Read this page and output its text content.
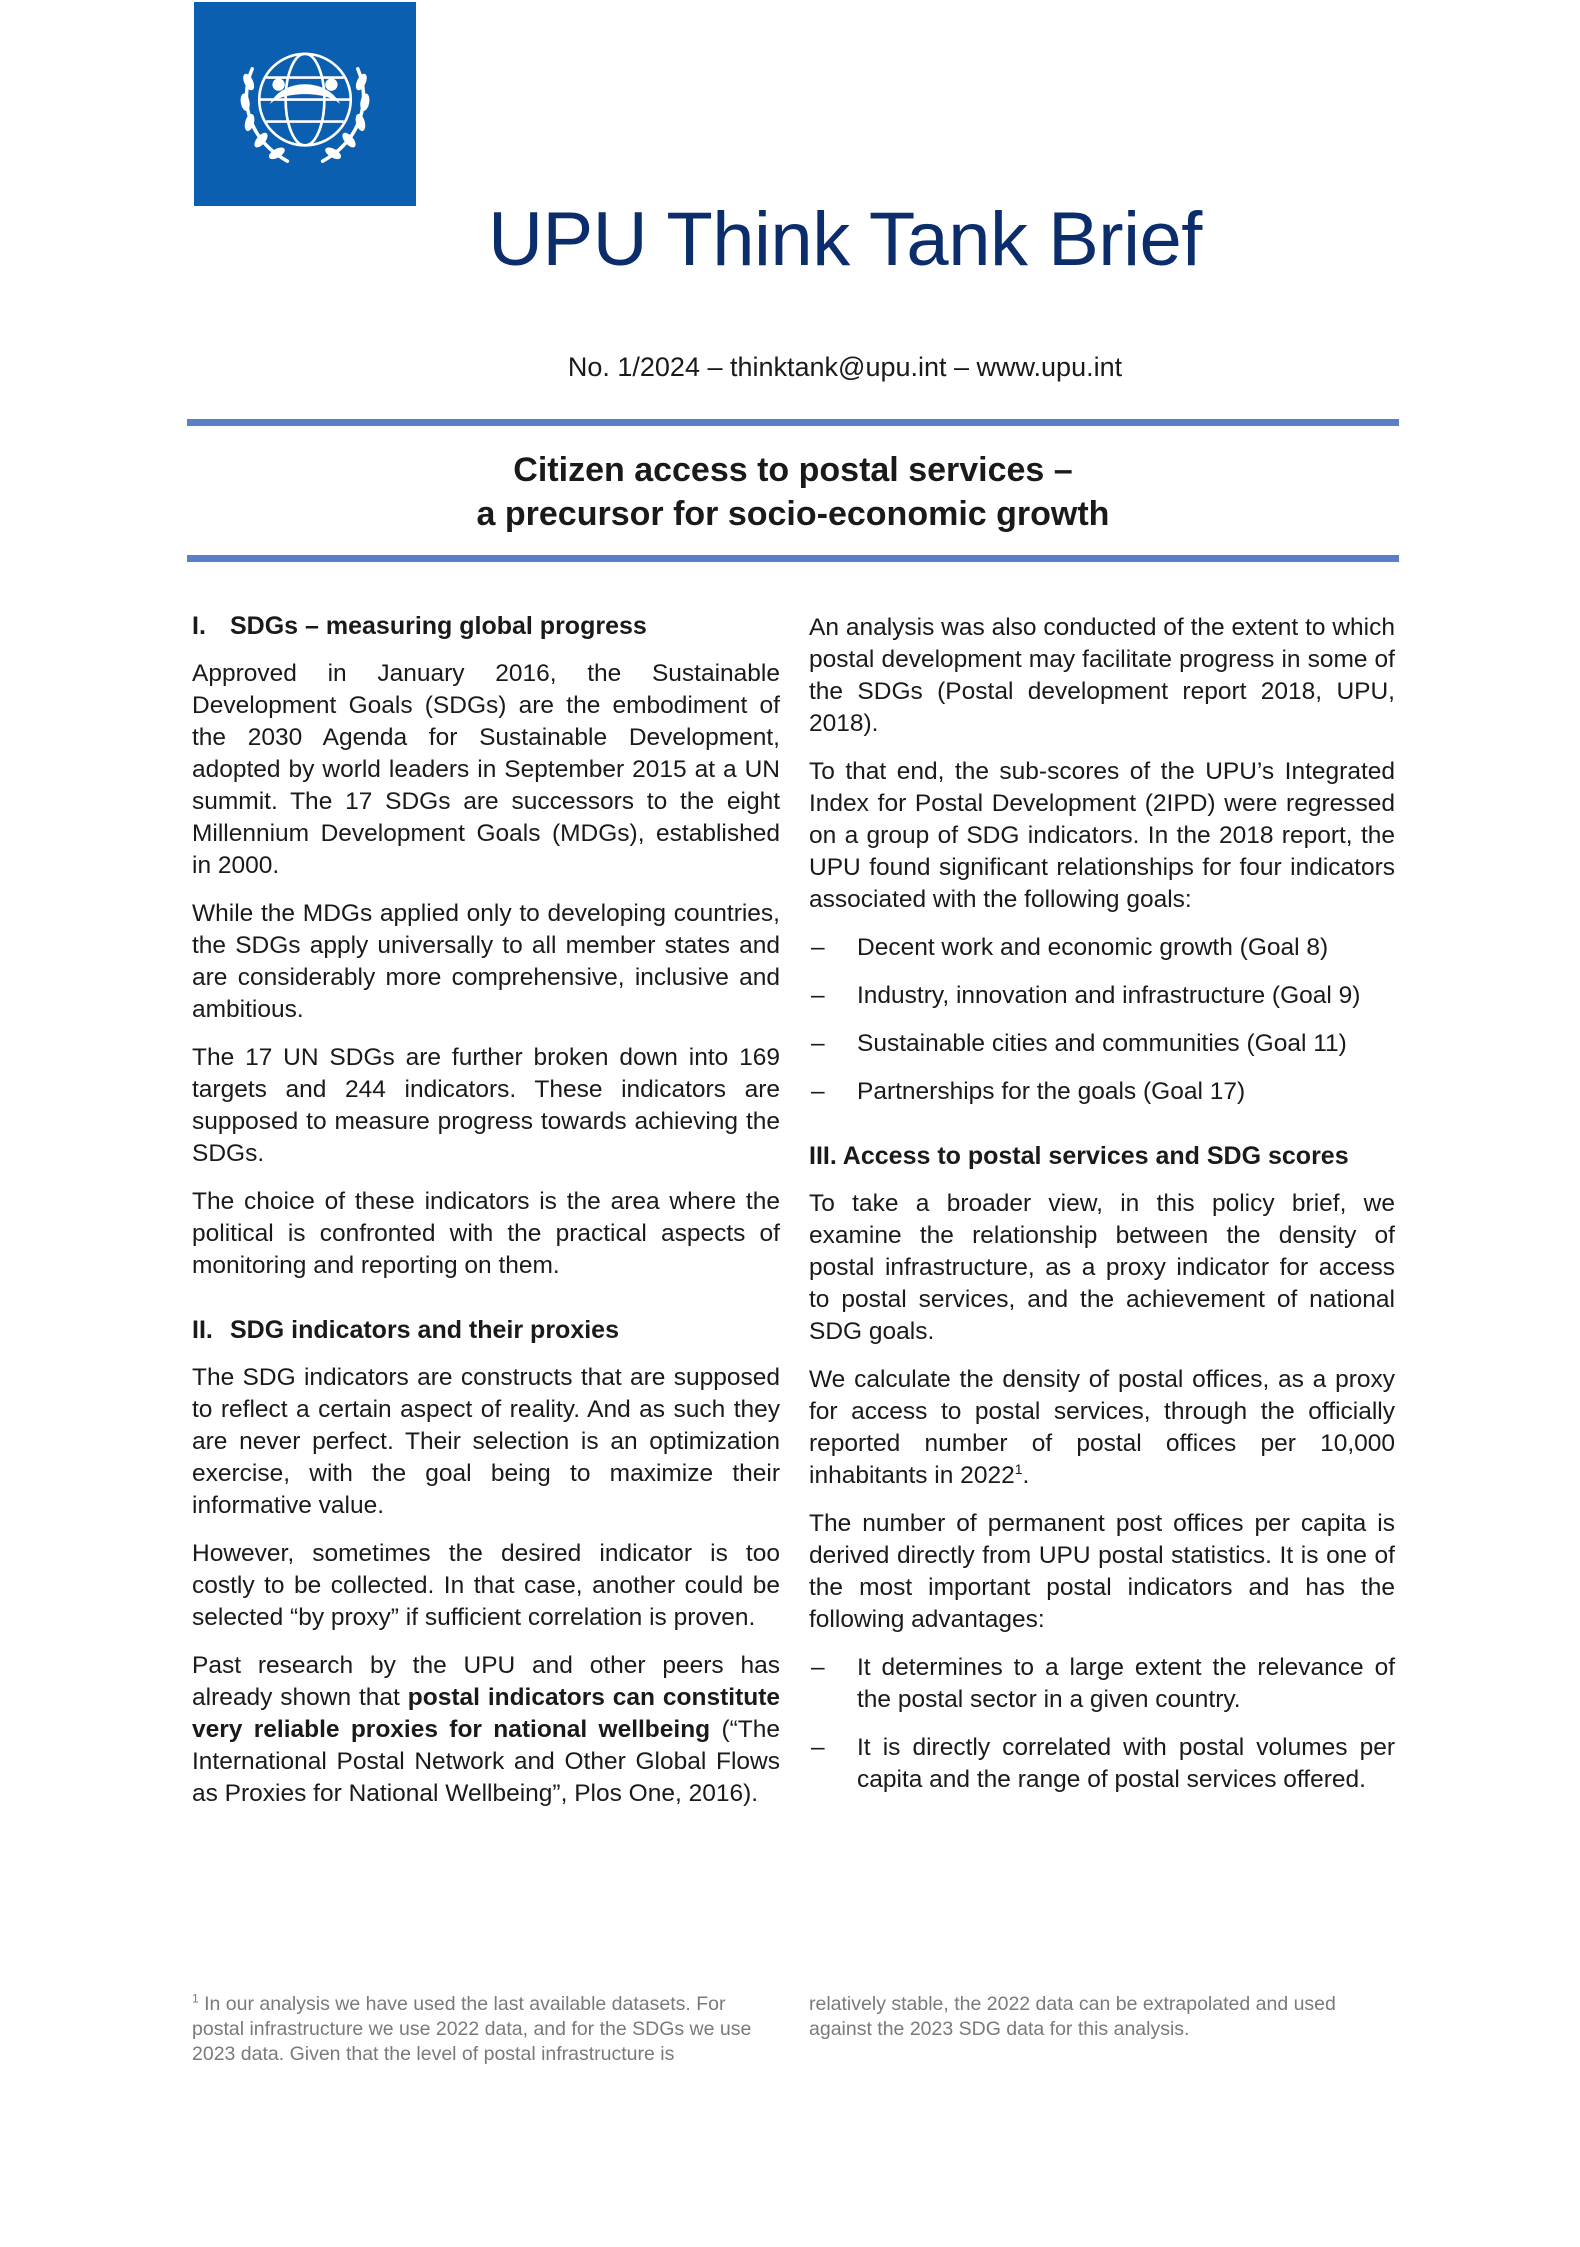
UPU Think Tank Brief
No. 1/2024 – thinktank@upu.int – www.upu.int
Citizen access to postal services –
a precursor for socio-economic growth
I. SDGs – measuring global progress

Approved in January 2016, the Sustainable Development Goals (SDGs) are the embodiment of the 2030 Agenda for Sustainable Development, adopted by world leaders in September 2015 at a UN summit. The 17 SDGs are successors to the eight Millennium Development Goals (MDGs), established in 2000.

While the MDGs applied only to developing countries, the SDGs apply universally to all member states and are considerably more comprehensive, inclusive and ambitious.

The 17 UN SDGs are further broken down into 169 targets and 244 indicators. These indicators are supposed to measure progress towards achieving the SDGs.

The choice of these indicators is the area where the political is confronted with the practical aspects of monitoring and reporting on them.

II. SDG indicators and their proxies

The SDG indicators are constructs that are supposed to reflect a certain aspect of reality. And as such they are never perfect. Their selection is an optimization exercise, with the goal being to maximize their informative value.

However, sometimes the desired indicator is too costly to be collected. In that case, another could be selected “by proxy” if sufficient correlation is proven.

Past research by the UPU and other peers has already shown that postal indicators can constitute very reliable proxies for national wellbeing (“The International Postal Network and Other Global Flows as Proxies for National Wellbeing”, Plos One, 2016).

An analysis was also conducted of the extent to which postal development may facilitate progress in some of the SDGs (Postal development report 2018, UPU, 2018).

To that end, the sub-scores of the UPU’s Integrated Index for Postal Development (2IPD) were regressed on a group of SDG indicators. In the 2018 report, the UPU found significant relationships for four indicators associated with the following goals:

– Decent work and economic growth (Goal 8)
– Industry, innovation and infrastructure (Goal 9)
– Sustainable cities and communities (Goal 11)
– Partnerships for the goals (Goal 17)
III. Access to postal services and SDG scores

To take a broader view, in this policy brief, we examine the relationship between the density of postal infrastructure, as a proxy indicator for access to postal services, and the achievement of national SDG goals.

We calculate the density of postal offices, as a proxy for access to postal services, through the officially reported number of postal offices per 10,000 inhabitants in 2022$^1$.

The number of permanent post offices per capita is derived directly from UPU postal statistics. It is one of the most important postal indicators and has the following advantages:

– It determines to a large extent the relevance of the postal sector in a given country.
– It is directly correlated with postal volumes per capita and the range of postal services offered.
$^1$ In our analysis we have used the last available datasets. For postal infrastructure we use 2022 data, and for the SDGs we use 2023 data. Given that the level of postal infrastructure is
relatively stable, the 2022 data can be extrapolated and used against the 2023 SDG data for this analysis.
